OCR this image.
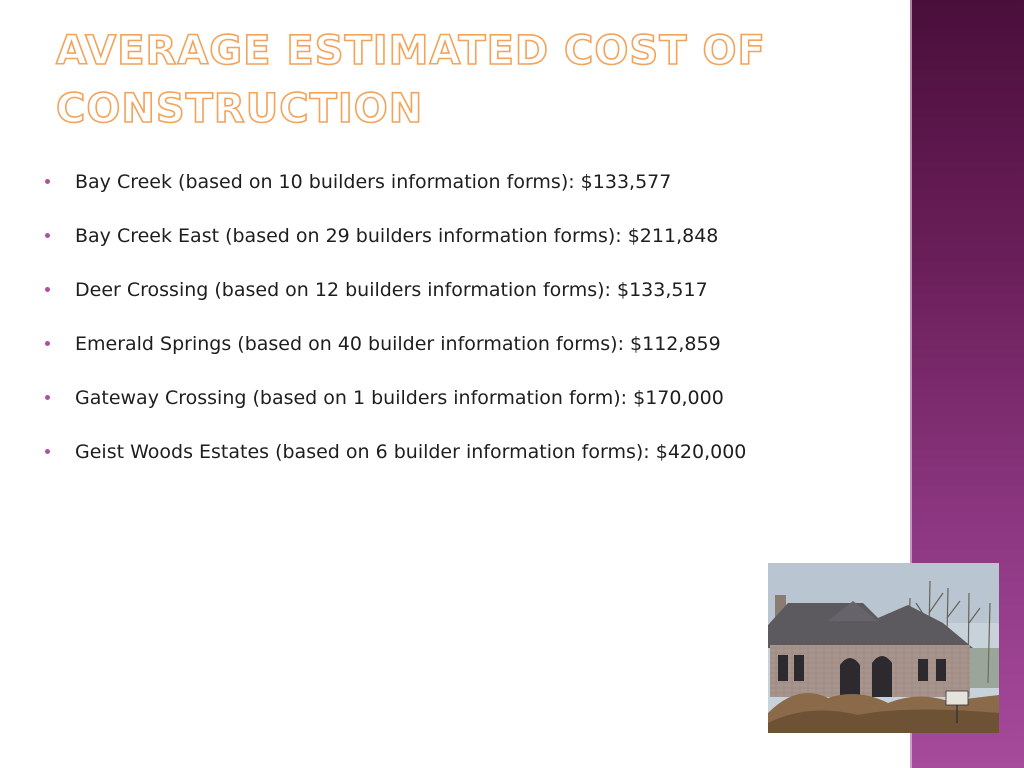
AVERAGE ESTIMATED COST OF CONSTRUCTION
Bay Creek (based on 10 builders information forms): $133,577
Bay Creek East (based on 29 builders information forms): $211,848
Deer Crossing (based on 12 builders information forms): $133,517
Emerald Springs (based on 40 builder information forms): $112,859
Gateway Crossing (based on 1 builders information form): $170,000
Geist Woods Estates (based on 6 builder information forms): $420,000
